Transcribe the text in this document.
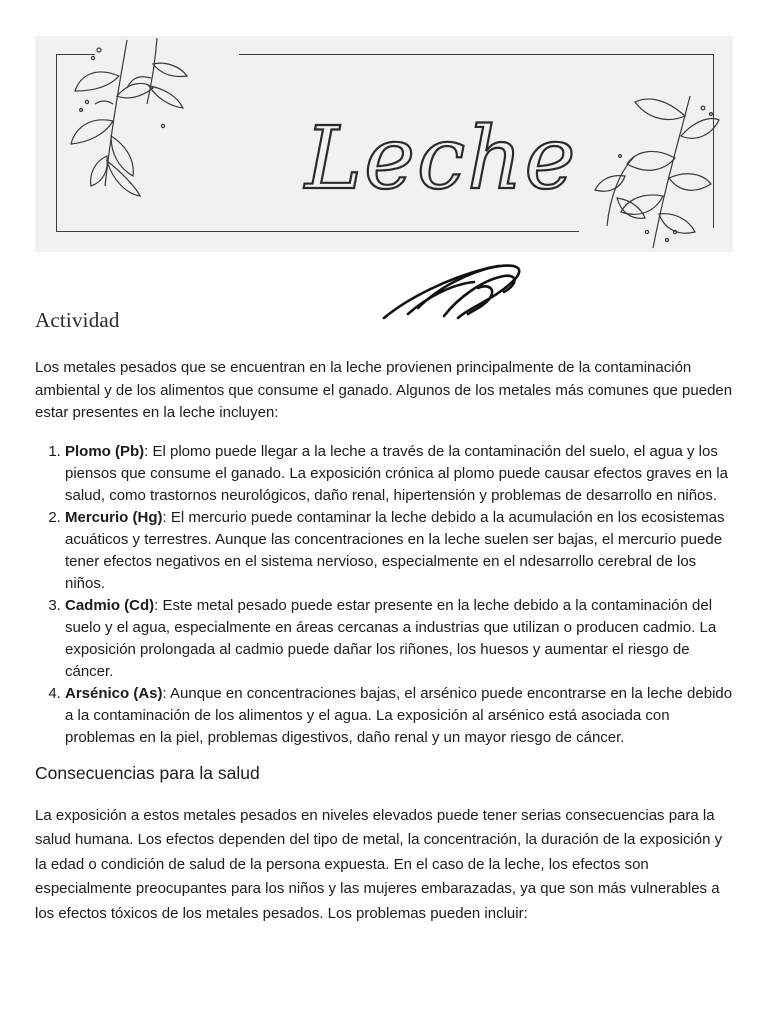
Leche
Actividad

Los metales pesados que se encuentran en la leche provienen principalmente de la contaminación ambiental y de los alimentos que consume el ganado. Algunos de los metales más comunes que pueden estar presentes en la leche incluyen:

1. Plomo (Pb): El plomo puede llegar a la leche a través de la contaminación del suelo, el agua y los piensos que consume el ganado. La exposición crónica al plomo puede causar efectos graves en la salud, como trastornos neurológicos, daño renal, hipertensión y problemas de desarrollo en niños.
2. Mercurio (Hg): El mercurio puede contaminar la leche debido a la acumulación en los ecosistemas acuáticos y terrestres. Aunque las concentraciones en la leche suelen ser bajas, el mercurio puede tener efectos negativos en el sistema nervioso, especialmente en el ndesarrollo cerebral de los niños.
3. Cadmio (Cd): Este metal pesado puede estar presente en la leche debido a la contaminación del suelo y el agua, especialmente en áreas cercanas a industrias que utilizan o producen cadmio. La exposición prolongada al cadmio puede dañar los riñones, los huesos y aumentar el riesgo de cáncer.
4. Arsénico (As): Aunque en concentraciones bajas, el arsénico puede encontrarse en la leche debido a la contaminación de los alimentos y el agua. La exposición al arsénico está asociada con problemas en la piel, problemas digestivos, daño renal y un mayor riesgo de cáncer.
Consecuencias para la salud

La exposición a estos metales pesados en niveles elevados puede tener serias consecuencias para la salud humana. Los efectos dependen del tipo de metal, la concentración, la duración de la exposición y la edad o condición de salud de la persona expuesta. En el caso de la leche, los efectos son especialmente preocupantes para los niños y las mujeres embarazadas, ya que son más vulnerables a los efectos tóxicos de los metales pesados. Los problemas pueden incluir:
